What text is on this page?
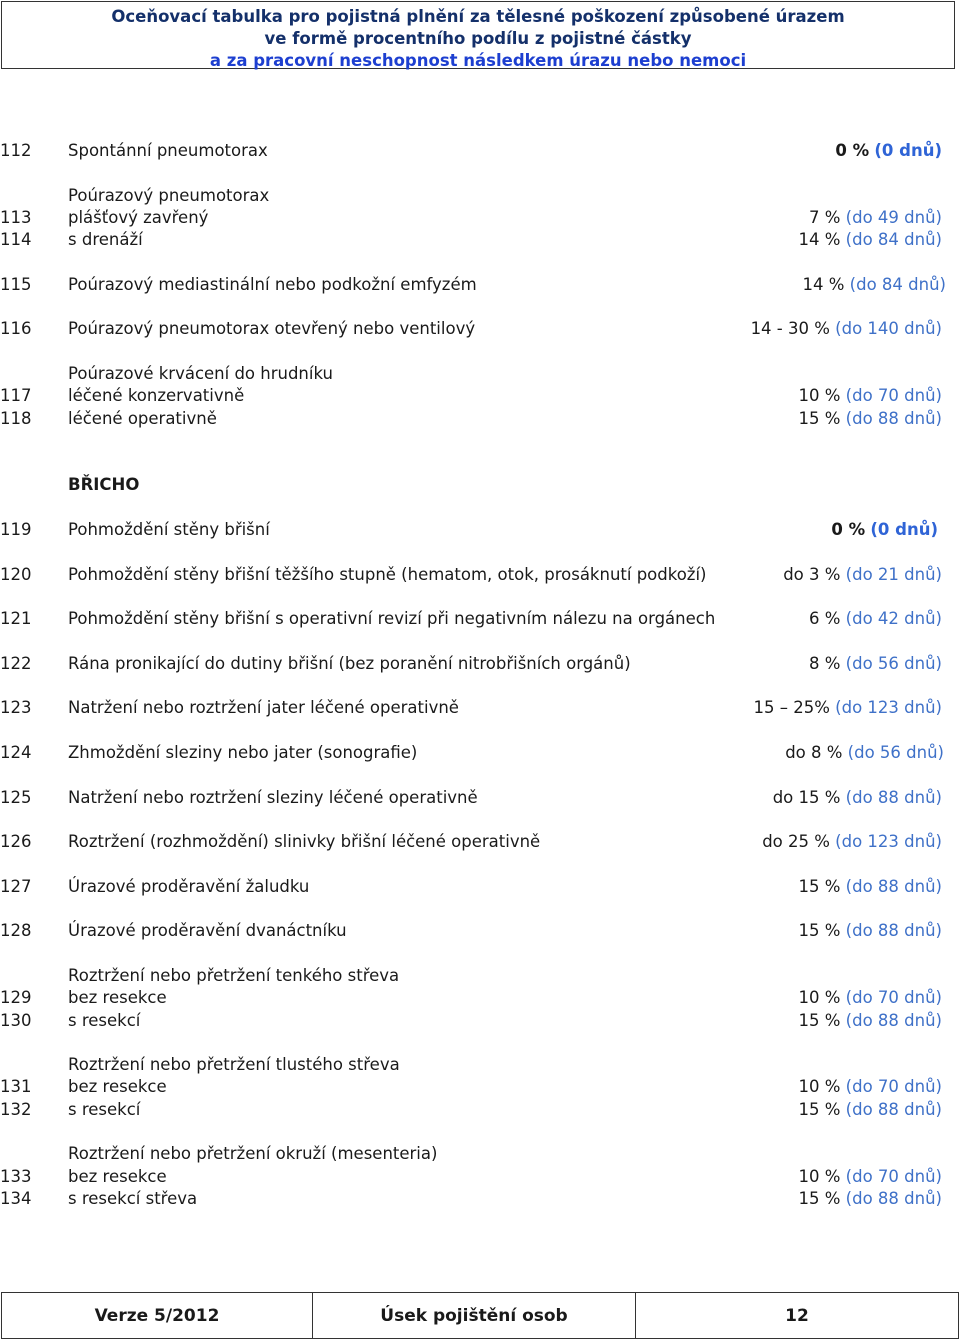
Oceňovací tabulka pro pojistná plnění za tělesné poškození způsobené úrazem
ve formě procentního podílu z pojistné částky
a za pracovní neschopnost následkem úrazu nebo nemoci
112 Spontánní pneumotorax	0 % (0 dnů)
Poúrazový pneumotorax
113 plášťový zavřený	7 % (do 49 dnů)
114 s drenáží	14 % (do 84 dnů)
115 Poúrazový mediastinální nebo podkožní emfyzém	14 % (do 84 dnů)
116 Poúrazový pneumotorax otevřený nebo ventilový	14 - 30 % (do 140 dnů)
Poúrazové krvácení do hrudníku
117 léčené konzervativně	10 % (do 70 dnů)
118 léčené operativně	15 % (do 88 dnů)
BŘICHO
119 Pohmoždění stěny břišní	0 % (0 dnů)
120 Pohmoždění stěny břišní těžšího stupně (hematom, otok, prosáknutí podkoží)	do 3 % (do 21 dnů)
121 Pohmoždění stěny břišní s operativní revizí při negativním nálezu na orgánech	6 % (do 42 dnů)
122 Rána pronikající do dutiny břišní (bez poranění nitrobřišních orgánů)	8 % (do 56 dnů)
123 Natržení nebo roztržení jater léčené operativně	15 – 25% (do 123 dnů)
124 Zhmoždění sleziny nebo jater (sonografie)	do 8 % (do 56 dnů)
125 Natržení nebo roztržení sleziny léčené operativně	do 15 % (do 88 dnů)
126 Roztržení (rozhmoždění) slinivky břišní léčené operativně	do 25 % (do 123 dnů)
127 Úrazové proděravění žaludku	15 % (do 88 dnů)
128 Úrazové proděravění dvanáctníku	15 % (do 88 dnů)
Roztržení nebo přetržení tenkého střeva
129 bez resekce	10 % (do 70 dnů)
130 s resekcí	15 % (do 88 dnů)
Roztržení nebo přetržení tlustého střeva
131 bez resekce	10 % (do 70 dnů)
132 s resekcí	15 % (do 88 dnů)
Roztržení nebo přetržení okruží (mesenteria)
133 bez resekce	10 % (do 70 dnů)
134 s resekcí střeva	15 % (do 88 dnů)
Verze 5/2012	Úsek pojištění osob	12
